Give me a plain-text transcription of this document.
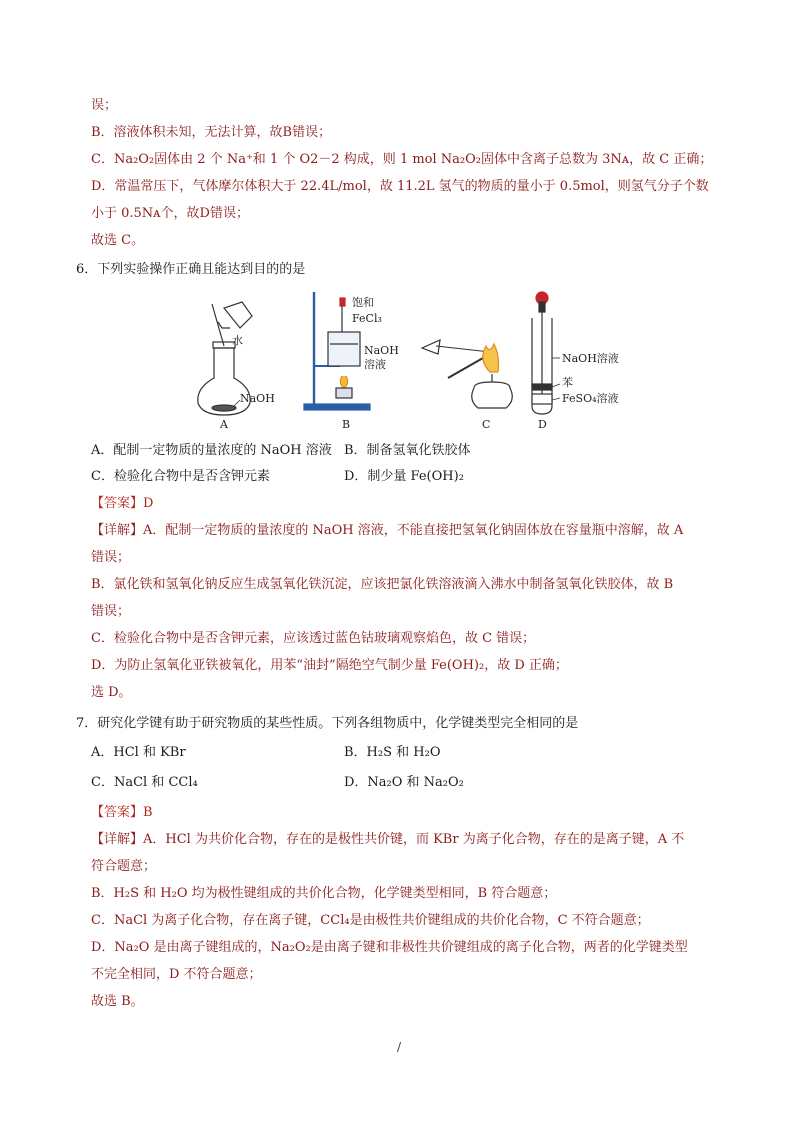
误；
B．溶液体积未知，无法计算，故B错误；
C．Na₂O₂固体由 2 个 Na⁺和 1 个 O2－2 构成，则 1 mol Na₂O₂固体中含离子总数为 3Nᴀ，故 C 正确；
D．常温常压下，气体摩尔体积大于 22.4L/mol，故 11.2L 氢气的物质的量小于 0.5mol，则氢气分子个数
小于 0.5Nᴀ个，故D错误；
故选 C。
6．下列实验操作正确且能达到目的的是
水
NaOH
饱和
FeCl₃
NaOH
溶液	NaOH溶液
苯
FeSO₄溶液
A	B	C	D
A．配制一定物质的量浓度的 NaOH 溶液 B．制备氢氧化铁胶体
C．检验化合物中是否含钾元素	D．制少量 Fe(OH)₂
【答案】D
【详解】A．配制一定物质的量浓度的 NaOH 溶液，不能直接把氢氧化钠固体放在容量瓶中溶解，故 A
错误；
B．氯化铁和氢氧化钠反应生成氢氧化铁沉淀，应该把氯化铁溶液滴入沸水中制备氢氧化铁胶体，故 B
错误；
C．检验化合物中是否含钾元素，应该透过蓝色钴玻璃观察焰色，故 C 错误；
D．为防止氢氧化亚铁被氧化，用苯“油封”隔绝空气制少量 Fe(OH)₂，故 D 正确；
选 D。
7．研究化学键有助于研究物质的某些性质。下列各组物质中，化学键类型完全相同的是
A．HCl 和 KBr	B．H₂S 和 H₂O
C．NaCl 和 CCl₄	D．Na₂O 和 Na₂O₂
【答案】B
【详解】A．HCl 为共价化合物，存在的是极性共价键，而 KBr 为离子化合物，存在的是离子键，A 不
符合题意；
B．H₂S 和 H₂O 均为极性键组成的共价化合物，化学键类型相同，B 符合题意；
C．NaCl 为离子化合物，存在离子键，CCl₄是由极性共价键组成的共价化合物，C 不符合题意；
D．Na₂O 是由离子键组成的，Na₂O₂是由离子键和非极性共价键组成的离子化合物，两者的化学键类型
不完全相同，D 不符合题意；
故选 B。
/
